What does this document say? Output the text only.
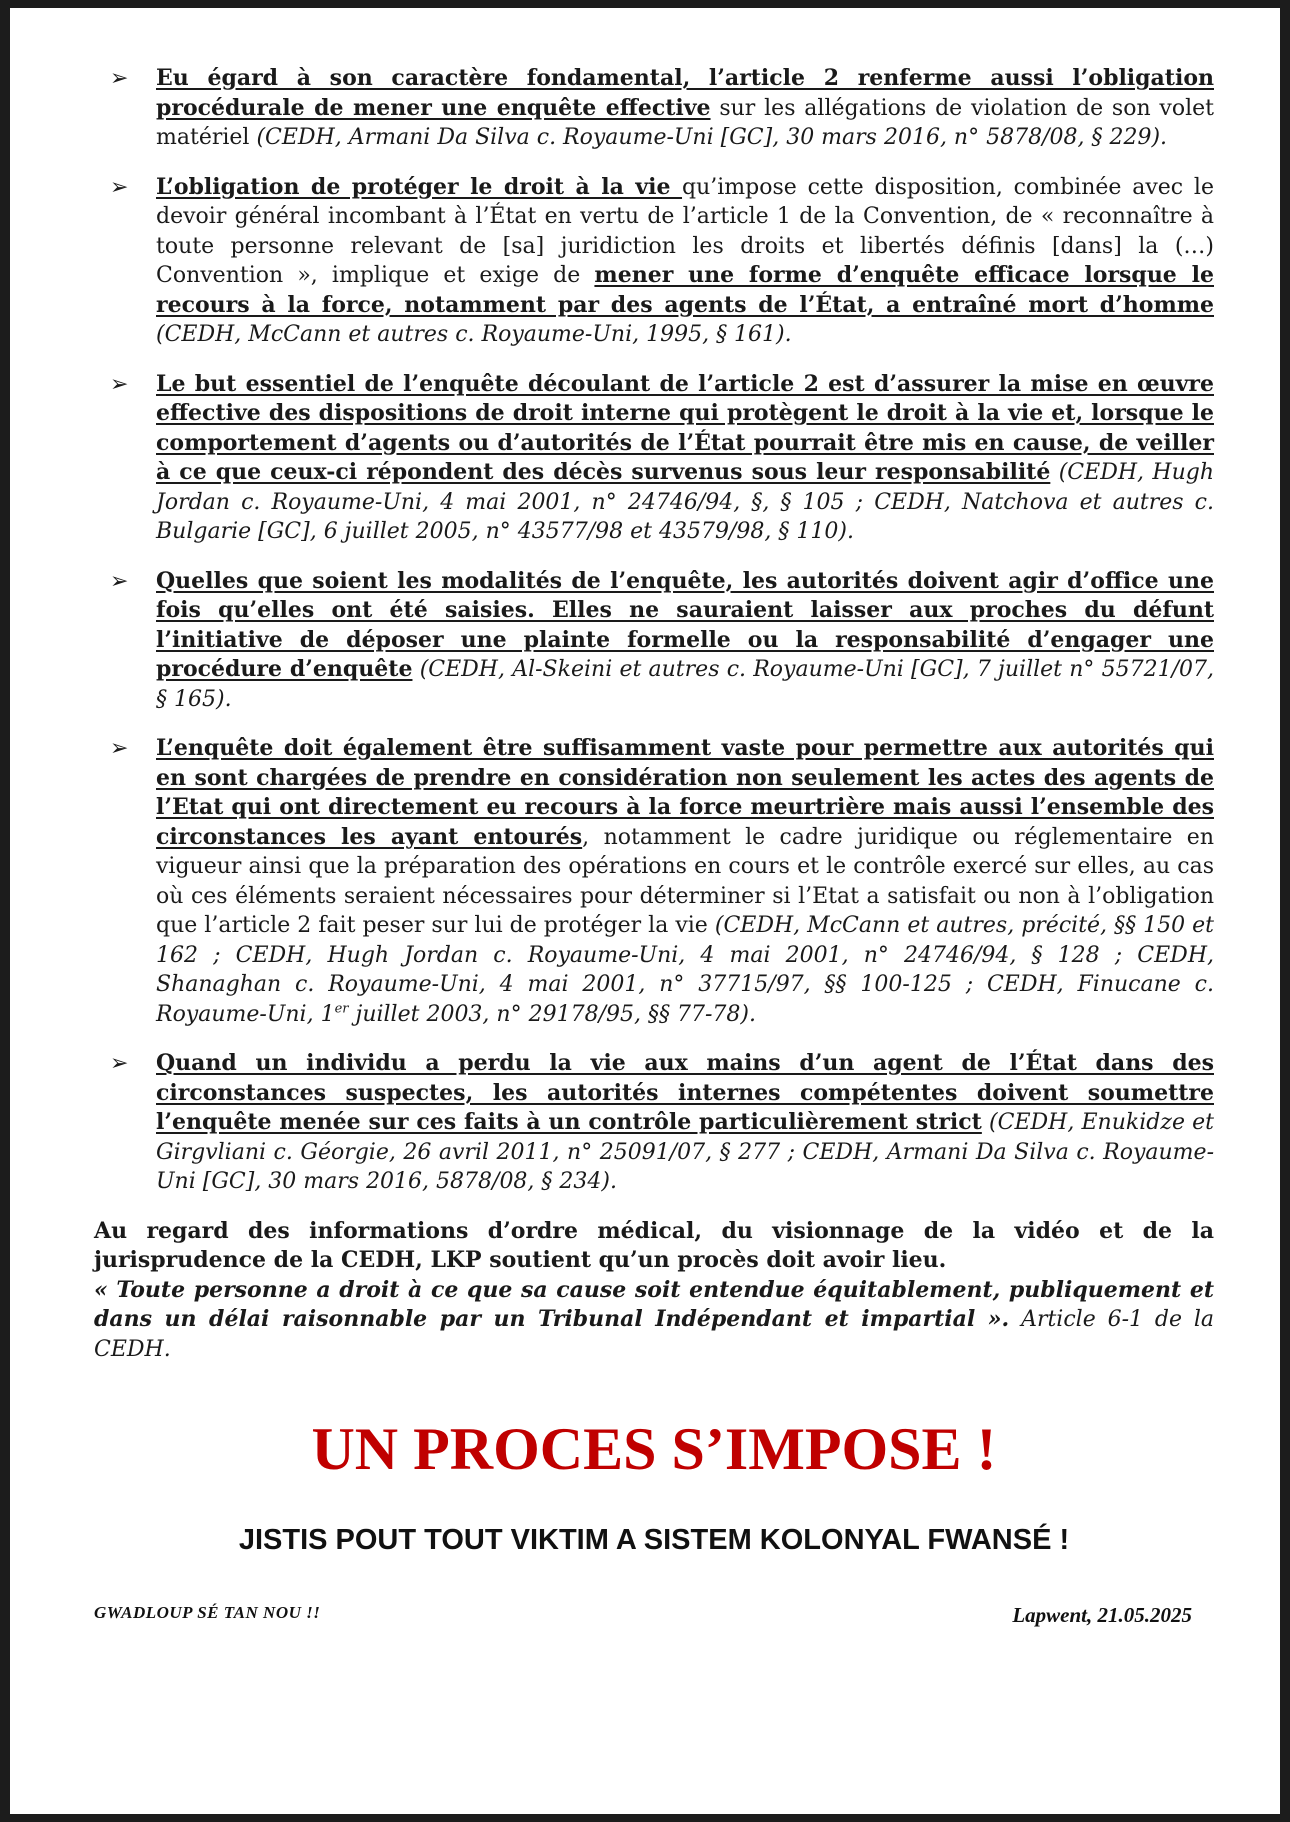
➢ Eu égard à son caractère fondamental, l’article 2 renferme aussi l’obligation procédurale de mener une enquête effective sur les allégations de violation de son volet matériel (CEDH, Armani Da Silva c. Royaume-Uni [GC], 30 mars 2016, n° 5878/08, § 229).
➢ L’obligation de protéger le droit à la vie qu’impose cette disposition, combinée avec le devoir général incombant à l’État en vertu de l’article 1 de la Convention, de « reconnaître à toute personne relevant de [sa] juridiction les droits et libertés définis [dans] la (…) Convention », implique et exige de mener une forme d’enquête efficace lorsque le recours à la force, notamment par des agents de l’État, a entraîné mort d’homme (CEDH, McCann et autres c. Royaume-Uni, 1995, § 161).
➢ Le but essentiel de l’enquête découlant de l’article 2 est d’assurer la mise en œuvre effective des dispositions de droit interne qui protègent le droit à la vie et, lorsque le comportement d’agents ou d’autorités de l’État pourrait être mis en cause, de veiller à ce que ceux-ci répondent des décès survenus sous leur responsabilité (CEDH, Hugh Jordan c. Royaume-Uni, 4 mai 2001, n° 24746/94, §, § 105 ; CEDH, Natchova et autres c. Bulgarie [GC], 6 juillet 2005, n° 43577/98 et 43579/98, § 110).
➢ Quelles que soient les modalités de l’enquête, les autorités doivent agir d’office une fois qu’elles ont été saisies. Elles ne sauraient laisser aux proches du défunt l’initiative de déposer une plainte formelle ou la responsabilité d’engager une procédure d’enquête (CEDH, Al-Skeini et autres c. Royaume-Uni [GC], 7 juillet n° 55721/07, § 165).
➢ L’enquête doit également être suffisamment vaste pour permettre aux autorités qui en sont chargées de prendre en considération non seulement les actes des agents de l’Etat qui ont directement eu recours à la force meurtrière mais aussi l’ensemble des circonstances les ayant entourés, notamment le cadre juridique ou réglementaire en vigueur ainsi que la préparation des opérations en cours et le contrôle exercé sur elles, au cas où ces éléments seraient nécessaires pour déterminer si l’Etat a satisfait ou non à l’obligation que l’article 2 fait peser sur lui de protéger la vie (CEDH, McCann et autres, précité, §§ 150 et 162 ; CEDH, Hugh Jordan c. Royaume-Uni, 4 mai 2001, n° 24746/94, § 128 ; CEDH, Shanaghan c. Royaume-Uni, 4 mai 2001, n° 37715/97, §§ 100-125 ; CEDH, Finucane c. Royaume-Uni, 1er juillet 2003, n° 29178/95, §§ 77-78).
➢ Quand un individu a perdu la vie aux mains d’un agent de l’État dans des circonstances suspectes, les autorités internes compétentes doivent soumettre l’enquête menée sur ces faits à un contrôle particulièrement strict (CEDH, Enukidze et Girgvliani c. Géorgie, 26 avril 2011, n° 25091/07, § 277 ; CEDH, Armani Da Silva c. Royaume-Uni [GC], 30 mars 2016, 5878/08, § 234).
Au regard des informations d’ordre médical, du visionnage de la vidéo et de la jurisprudence de la CEDH, LKP soutient qu’un procès doit avoir lieu.
« Toute personne a droit à ce que sa cause soit entendue équitablement, publiquement et dans un délai raisonnable par un Tribunal Indépendant et impartial ». Article 6-1 de la CEDH.
UN PROCES S’IMPOSE !
JISTIS POUT TOUT VIKTIM A SISTEM KOLONYAL FWANSÉ !
GWADLOUP SÉ TAN NOU !!	Lapwent, 21.05.2025
